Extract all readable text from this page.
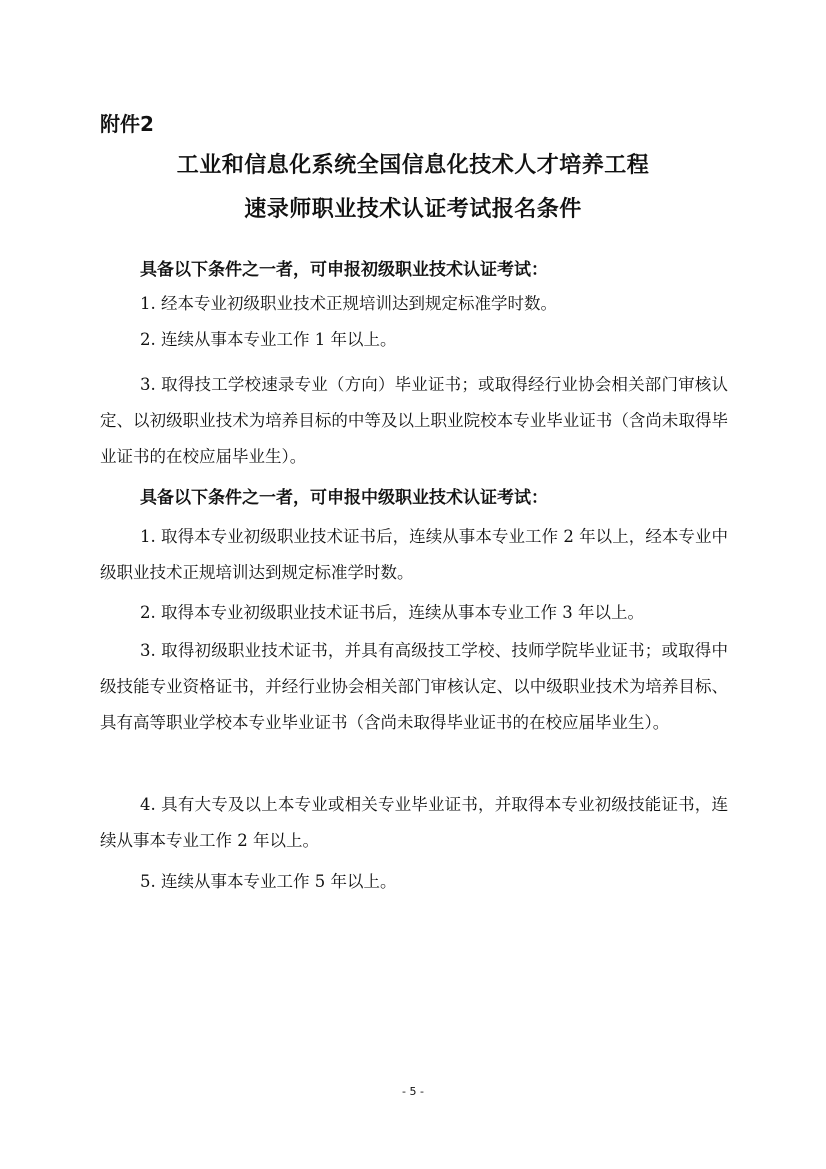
附件2

工业和信息化系统全国信息化技术人才培养工程
速录师职业技术认证考试报名条件
具备以下条件之一者，可申报初级职业技术认证考试：

1. 经本专业初级职业技术正规培训达到规定标准学时数。

2. 连续从事本专业工作 1 年以上。

3. 取得技工学校速录专业（方向）毕业证书；或取得经行业协会相关部门审核认定、以初级职业技术为培养目标的中等及以上职业院校本专业毕业证书（含尚未取得毕业证书的在校应届毕业生）。

具备以下条件之一者，可申报中级职业技术认证考试：

1. 取得本专业初级职业技术证书后，连续从事本专业工作 2 年以上，经本专业中级职业技术正规培训达到规定标准学时数。

2. 取得本专业初级职业技术证书后，连续从事本专业工作 3 年以上。

3. 取得初级职业技术证书，并具有高级技工学校、技师学院毕业证书；或取得中级技能专业资格证书，并经行业协会相关部门审核认定、以中级职业技术为培养目标、具有高等职业学校本专业毕业证书（含尚未取得毕业证书的在校应届毕业生）。

4. 具有大专及以上本专业或相关专业毕业证书，并取得本专业初级技能证书，连续从事本专业工作 2 年以上。

5. 连续从事本专业工作 5 年以上。

- 5 -
